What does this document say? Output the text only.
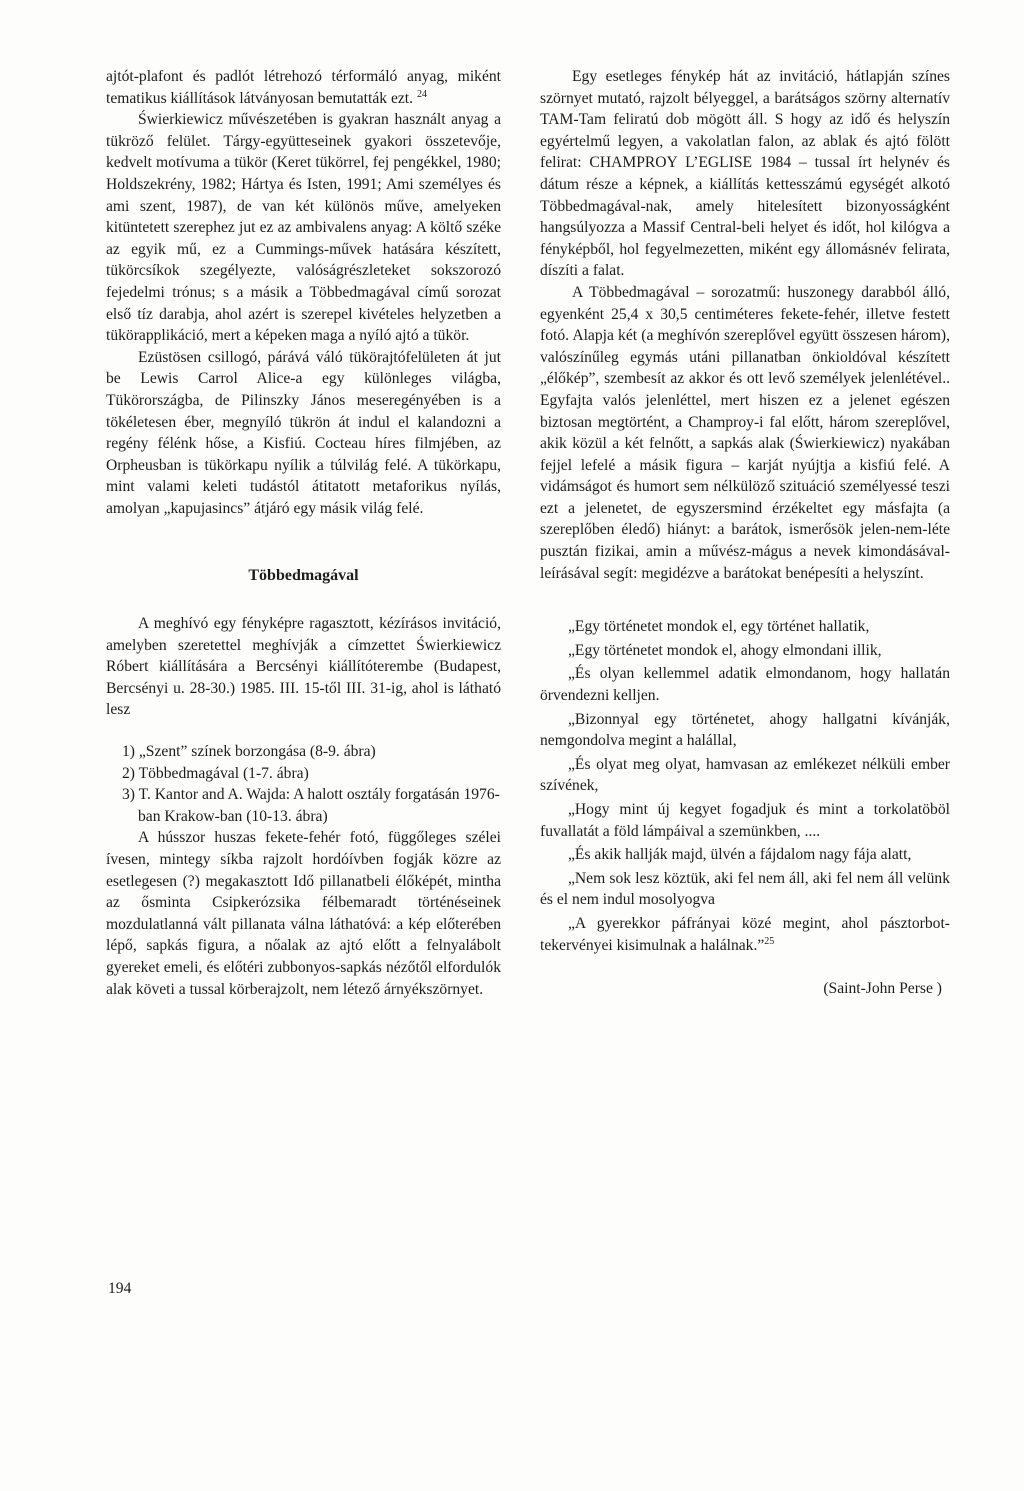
ajtót-plafont és padlót létrehozó térformáló anyag, miként tematikus kiállítások látványosan bemutatták ezt. $^{24}$

Świerkiewicz művészetében is gyakran használt anyag a tükröző felület. Tárgy-együtteseinek gyakori összetevője, kedvelt motívuma a tükör (Keret tükörrel, fej pengékkel, 1980; Holdszekrény, 1982; Hártya és Isten, 1991; Ami személyes és ami szent, 1987), de van két különös műve, amelyeken kitüntetett szerephez jut ez az ambivalens anyag: A költő széke az egyik mű, ez a Cummings-művek hatására készített, tükörcsíkok szegélyezte, valóságrészleteket sokszorozó fejedelmi trónus; s a másik a Többedmagával című sorozat első tíz darabja, ahol azért is szerepel kivételes helyzetben a tükörapplikáció, mert a képeken maga a nyíló ajtó a tükör.

Ezüstösen csillogó, párává váló tükörajtófelületen át jut be Lewis Carrol Alice-a egy különleges világba, Tükörországba, de Pilinszky János meseregényében is a tökéletesen éber, megnyíló tükrön át indul el kalandozni a regény félénk hőse, a Kisfiú. Cocteau híres filmjében, az Orpheusban is tükörkapu nyílik a túlvilág felé. A tükörkapu, mint valami keleti tudástól átitatott metaforikus nyílás, amolyan „kapujasincs” átjáró egy másik világ felé.

Többedmagával

A meghívó egy fényképre ragasztott, kézírásos invitáció, amelyben szeretettel meghívják a címzettet Świerkiewicz Róbert kiállítására a Bercsényi kiállítóterembe (Budapest, Bercsényi u. 28-30.) 1985. III. 15-től III. 31-ig, ahol is látható lesz

1) „Szent” színek borzongása (8-9. ábra)
2) Többedmagával (1-7. ábra)
3) T. Kantor and A. Wajda: A halott osztály forgatásán 1976-ban Krakow-ban (10-13. ábra)

A hússzor huszas fekete-fehér fotó, függőleges szélei ívesen, mintegy síkba rajzolt hordóívben fogják közre az esetlegesen (?) megakasztott Idő pillanatbeli élőképét, mintha az ősminta Csipkerózsika félbemaradt történéseinek mozdulatlanná vált pillanata válna láthatóvá: a kép előterében lépő, sapkás figura, a nőalak az ajtó előtt a felnyalábolt gyereket emeli, és előtéri zubbonyos-sapkás nézőtől elfordulók alak követi a tussal körberajzolt, nem létező árnyékszörnyet.

Egy esetleges fénykép hát az invitáció, hátlapján színes szörnyet mutató, rajzolt bélyeggel, a barátságos szörny alternatív TAM-Tam feliratú dob mögött áll. S hogy az idő és helyszín egyértelmű legyen, a vakolatlan falon, az ablak és ajtó fölött felirat: CHAMPROY L’EGLISE 1984 – tussal írt helynév és dátum része a képnek, a kiállítás kettesszámú egységét alkotó Többedmagával-nak, amely hitelesített bizonyosságként hangsúlyozza a Massif Central-beli helyet és időt, hol kilógva a fényképből, hol fegyelmezetten, miként egy állomásnév felirata, díszíti a falat.

A Többedmagával – sorozatmű: huszonegy darabból álló, egyenként 25,4 x 30,5 centiméteres fekete-fehér, illetve festett fotó. Alapja két (a meghívón szereplővel együtt összesen három), valószínűleg egymás utáni pillanatban önkioldóval készített „élőkép”, szembesít az akkor és ott levő személyek jelenlétével.. Egyfajta valós jelenléttel, mert hiszen ez a jelenet egészen biztosan megtörtént, a Champroy-i fal előtt, három szereplővel, akik közül a két felnőtt, a sapkás alak (Świerkiewicz) nyakában fejjel lefelé a másik figura – karját nyújtja a kisfiú felé. A vidámságot és humort sem nélkülöző szituáció személyessé teszi ezt a jelenetet, de egyszersmind érzékeltet egy másfajta (a szereplőben éledő) hiányt: a barátok, ismerősök jelen-nem-léte pusztán fizikai, amin a művész-mágus a nevek kimondásával-leírásával segít: megidézve a barátokat benépesíti a helyszínt.

„Egy történetet mondok el, egy történet hallatik,

„Egy történetet mondok el, ahogy elmondani illik,

„És olyan kellemmel adatik elmondanom, hogy hallatán örvendezni kelljen.

„Bizonnyal egy történetet, ahogy hallgatni kívánják, nemgondolva megint a halállal,

„És olyat meg olyat, hamvasan az emlékezet nélküli ember szívének,

„Hogy mint új kegyet fogadjuk és mint a torkolatöböl fuvallatát a föld lámpáival a szemünkben, ....

„És akik hallják majd, ülvén a fájdalom nagy fája alatt,

„Nem sok lesz köztük, aki fel nem áll, aki fel nem áll velünk és el nem indul mosolyogva

„A gyerekkor páfrányai közé megint, ahol pásztorbot-tekervényei kisimulnak a halálnak.”$^{25}$

(Saint-John Perse )
194
